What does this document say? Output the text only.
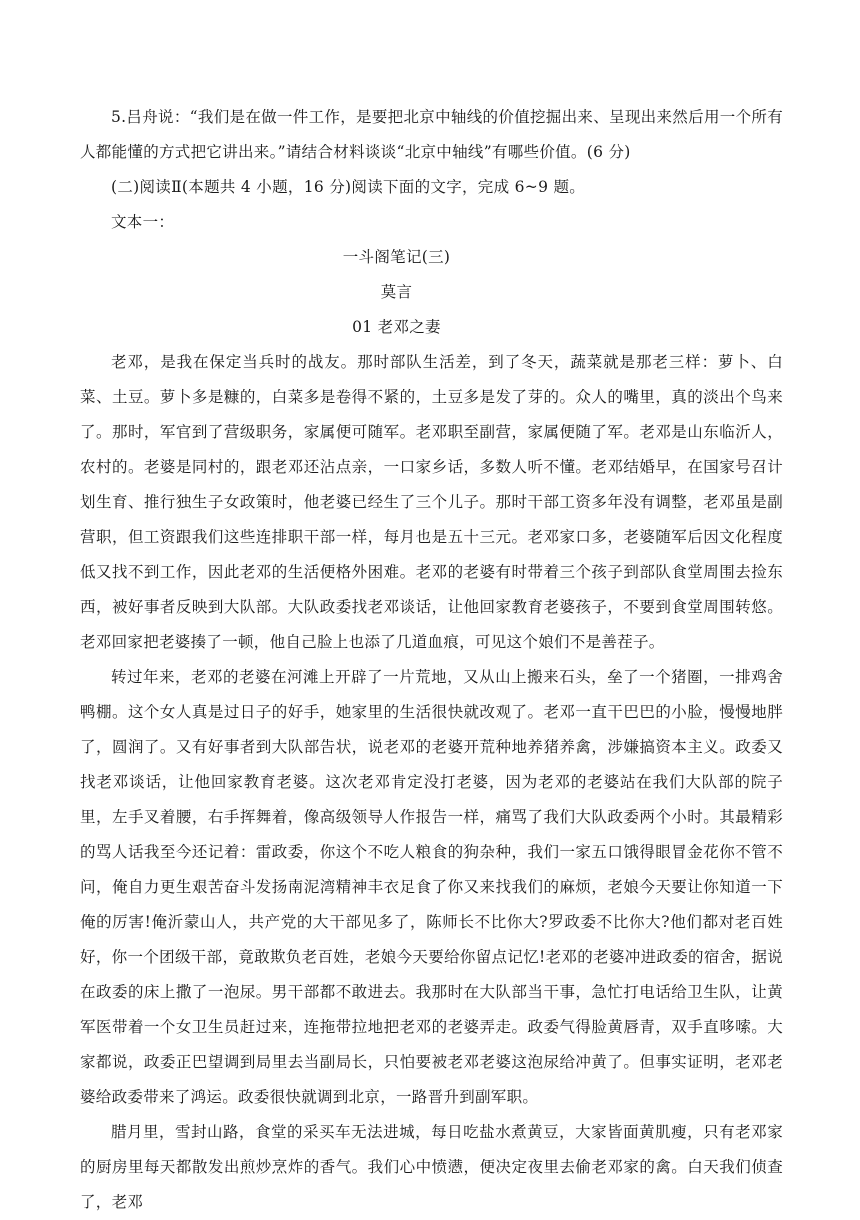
5.吕舟说：“我们是在做一件工作，是要把北京中轴线的价值挖掘出来、呈现出来然后用一个所有人都能懂的方式把它讲出来。”请结合材料谈谈“北京中轴线”有哪些价值。(6 分)

(二)阅读Ⅱ(本题共 4 小题，16 分)阅读下面的文字，完成 6~9 题。

文本一：

一斗阁笔记(三)

莫言

01 老邓之妻

老邓，是我在保定当兵时的战友。那时部队生活差，到了冬天，蔬菜就是那老三样：萝卜、白菜、土豆。萝卜多是糠的，白菜多是卷得不紧的，土豆多是发了芽的。众人的嘴里，真的淡出个鸟来了。那时，军官到了营级职务，家属便可随军。老邓职至副营，家属便随了军。老邓是山东临沂人，农村的。老婆是同村的，跟老邓还沾点亲，一口家乡话，多数人听不懂。老邓结婚早，在国家号召计划生育、推行独生子女政策时，他老婆已经生了三个儿子。那时干部工资多年没有调整，老邓虽是副营职，但工资跟我们这些连排职干部一样，每月也是五十三元。老邓家口多，老婆随军后因文化程度低又找不到工作，因此老邓的生活便格外困难。老邓的老婆有时带着三个孩子到部队食堂周围去捡东西，被好事者反映到大队部。大队政委找老邓谈话，让他回家教育老婆孩子，不要到食堂周围转悠。老邓回家把老婆揍了一顿，他自己脸上也添了几道血痕，可见这个娘们不是善茬子。

转过年来，老邓的老婆在河滩上开辟了一片荒地，又从山上搬来石头，垒了一个猪圈，一排鸡舍鸭棚。这个女人真是过日子的好手，她家里的生活很快就改观了。老邓一直干巴巴的小脸，慢慢地胖了，圆润了。又有好事者到大队部告状，说老邓的老婆开荒种地养猪养禽，涉嫌搞资本主义。政委又找老邓谈话，让他回家教育老婆。这次老邓肯定没打老婆，因为老邓的老婆站在我们大队部的院子里，左手叉着腰，右手挥舞着，像高级领导人作报告一样，痛骂了我们大队政委两个小时。其最精彩的骂人话我至今还记着：雷政委，你这个不吃人粮食的狗杂种，我们一家五口饿得眼冒金花你不管不问，俺自力更生艰苦奋斗发扬南泥湾精神丰衣足食了你又来找我们的麻烦，老娘今天要让你知道一下俺的厉害!俺沂蒙山人，共产党的大干部见多了，陈师长不比你大?罗政委不比你大?他们都对老百姓好，你一个团级干部，竟敢欺负老百姓，老娘今天要给你留点记忆!老邓的老婆冲进政委的宿舍，据说在政委的床上撒了一泡尿。男干部都不敢进去。我那时在大队部当干事，急忙打电话给卫生队，让黄军医带着一个女卫生员赶过来，连拖带拉地把老邓的老婆弄走。政委气得脸黄唇青，双手直哆嗦。大家都说，政委正巴望调到局里去当副局长，只怕要被老邓老婆这泡尿给冲黄了。但事实证明，老邓老婆给政委带来了鸿运。政委很快就调到北京，一路晋升到副军职。

腊月里，雪封山路，食堂的采买车无法进城，每日吃盐水煮黄豆，大家皆面黄肌瘦，只有老邓家的厨房里每天都散发出煎炒烹炸的香气。我们心中愤懑，便决定夜里去偷老邓家的禽。白天我们侦查了，老邓
